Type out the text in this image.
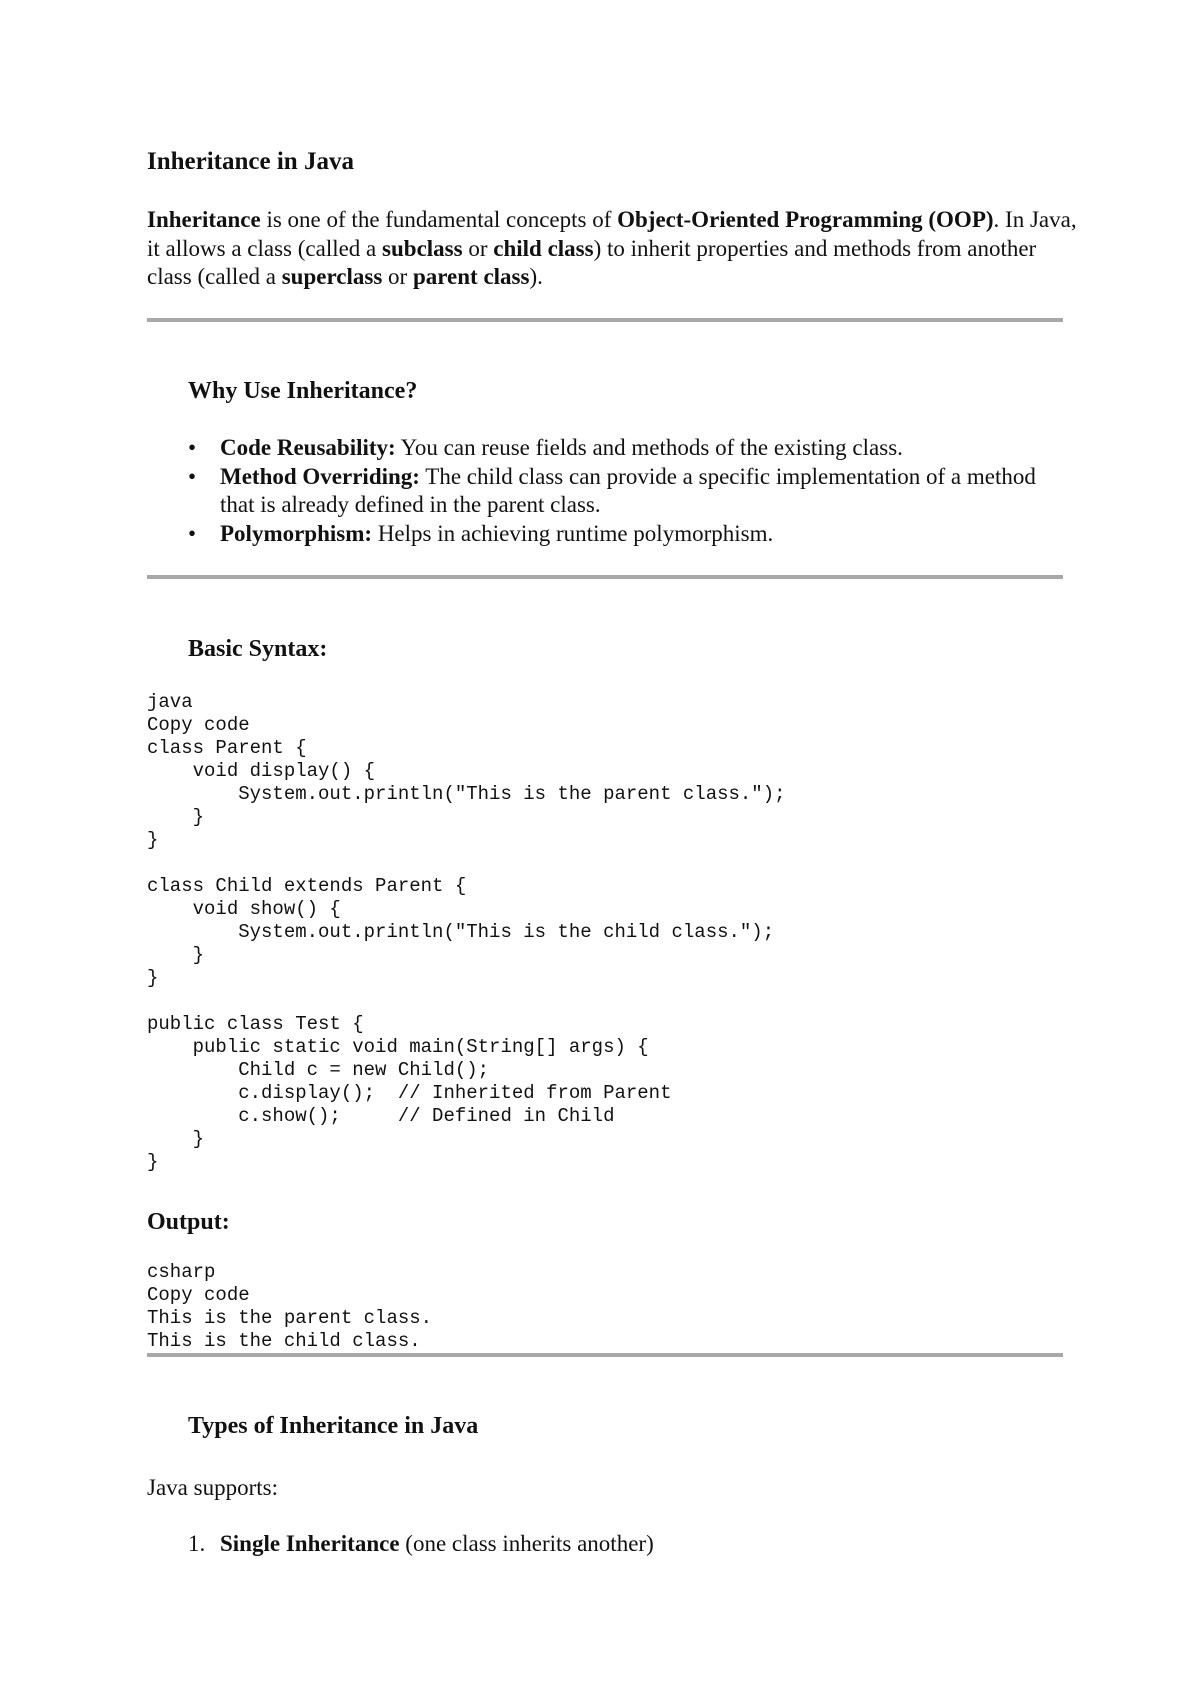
Inheritance in Java

Inheritance is one of the fundamental concepts of Object-Oriented Programming (OOP). In Java, it allows a class (called a subclass or child class) to inherit properties and methods from another class (called a superclass or parent class).

Why Use Inheritance?
•	Code Reusability: You can reuse fields and methods of the existing class.
•	Method Overriding: The child class can provide a specific implementation of a method that is already defined in the parent class.
•	Polymorphism: Helps in achieving runtime polymorphism.
Basic Syntax:
java
Copy code
class Parent {
void display() {
System.out.println("This is the parent class.");
}
}

class Child extends Parent {
void show() {
System.out.println("This is the child class.");
}
}

public class Test {
public static void main(String[] args) {
Child c = new Child();
c.display();  // Inherited from Parent
c.show();     // Defined in Child
}
}
Output:
csharp
Copy code
This is the parent class.
This is the child class.
Types of Inheritance in Java

Java supports:

1. Single Inheritance (one class inherits another)
